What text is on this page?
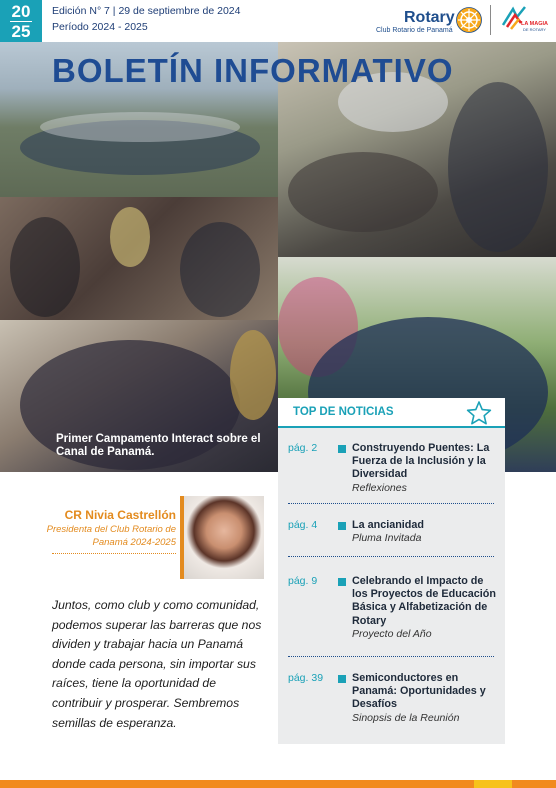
20
25
Edición N° 7 | 29 de septiembre de 2024
Período 2024 - 2025
Rotary
Club Rotario de Panamá
LA MAGIA
DE ROTARY
BOLETÍN INFORMATIVO
Primer Campamento Interact sobre el Canal de Panamá.
TOP DE NOTICIAS
pág. 2	Construyendo Puentes: La Fuerza de la Inclusión y la Diversidad
Reflexiones
pág. 4	La ancianidad
Pluma Invitada
pág. 9	Celebrando el Impacto de los Proyectos de Educación Básica y Alfabetización de Rotary
Proyecto del Año
pág. 39	Semiconductores en Panamá: Oportunidades y Desafíos
Sinopsis de la Reunión
CR Nivia Castrellón
Presidenta del Club Rotario de Panamá 2024-2025
Juntos, como club y como comunidad, podemos superar las barreras que nos dividen y trabajar hacia un Panamá donde cada persona, sin importar sus raíces, tiene la oportunidad de contribuir y prosperar. Sembremos semillas de esperanza.
